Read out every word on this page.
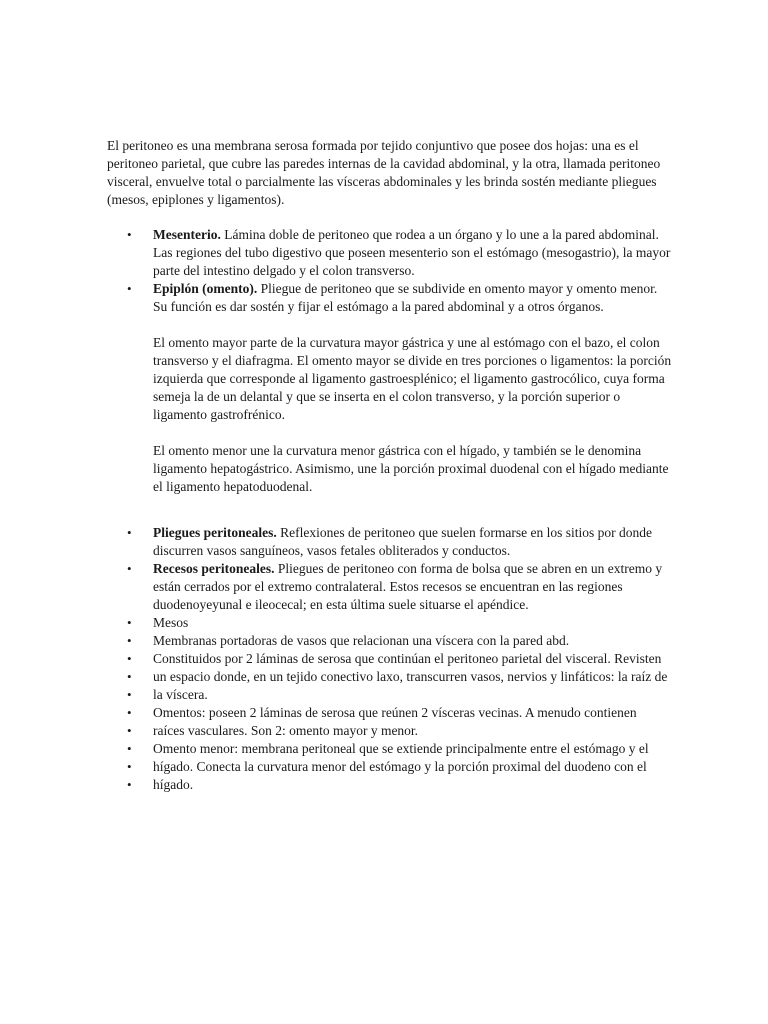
El peritoneo es una membrana serosa formada por tejido conjuntivo que posee dos hojas: una es el peritoneo parietal, que cubre las paredes internas de la cavidad abdominal, y la otra, llamada peritoneo visceral, envuelve total o parcialmente las vísceras abdominales y les brinda sostén mediante pliegues (mesos, epiplones y ligamentos).

• Mesenterio. Lámina doble de peritoneo que rodea a un órgano y lo une a la pared abdominal. Las regiones del tubo digestivo que poseen mesenterio son el estómago (mesogastrio), la mayor parte del intestino delgado y el colon transverso.
• Epiplón (omento). Pliegue de peritoneo que se subdivide en omento mayor y omento menor. Su función es dar sostén y fijar el estómago a la pared abdominal y a otros órganos.
El omento mayor parte de la curvatura mayor gástrica y une al estómago con el bazo, el colon transverso y el diafragma. El omento mayor se divide en tres porciones o ligamentos: la porción izquierda que corresponde al ligamento gastroesplénico; el ligamento gastrocólico, cuya forma semeja la de un delantal y que se inserta en el colon transverso, y la porción superior o ligamento gastrofrénico.
El omento menor une la curvatura menor gástrica con el hígado, y también se le denomina ligamento hepatogástrico. Asimismo, une la porción proximal duodenal con el hígado mediante el ligamento hepatoduodenal.
• Pliegues peritoneales. Reflexiones de peritoneo que suelen formarse en los sitios por donde discurren vasos sanguíneos, vasos fetales obliterados y conductos.
• Recesos peritoneales. Pliegues de peritoneo con forma de bolsa que se abren en un extremo y están cerrados por el extremo contralateral. Estos recesos se encuentran en las regiones duodenoyeyunal e ileocecal; en esta última suele situarse el apéndice.
• Mesos
• Membranas portadoras de vasos que relacionan una víscera con la pared abd.
• Constituidos por 2 láminas de serosa que continúan el peritoneo parietal del visceral. Revisten
• un espacio donde, en un tejido conectivo laxo, transcurren vasos, nervios y linfáticos: la raíz de
• la víscera.
• Omentos: poseen 2 láminas de serosa que reúnen 2 vísceras vecinas. A menudo contienen
• raíces vasculares. Son 2: omento mayor y menor.
• Omento menor: membrana peritoneal que se extiende principalmente entre el estómago y el
• hígado. Conecta la curvatura menor del estómago y la porción proximal del duodeno con el
• hígado.
